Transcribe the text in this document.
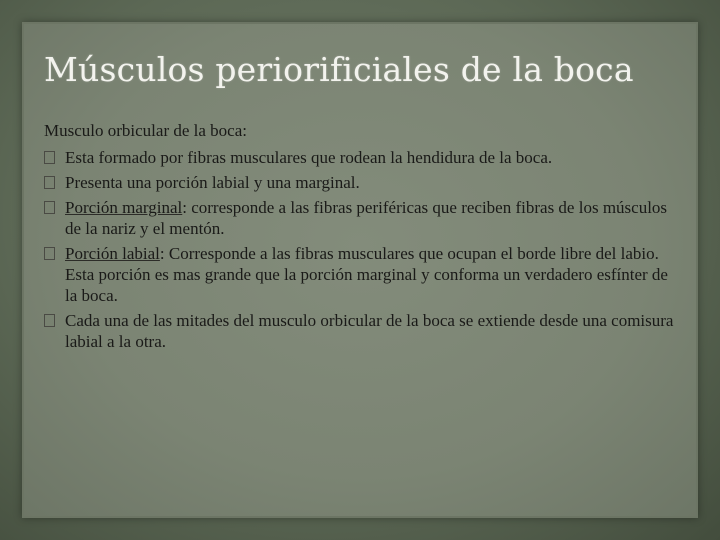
Músculos periorificiales de la boca

Musculo orbicular de la boca:

Esta formado por fibras musculares que rodean la hendidura de la boca.
Presenta una porción labial y una marginal.
Porción marginal: corresponde a las fibras periféricas que reciben fibras de los músculos de la nariz y el mentón.
Porción labial: Corresponde a las fibras musculares que ocupan el borde libre del labio. Esta porción es mas grande que la porción marginal y conforma un verdadero esfínter de la boca.
Cada una de las mitades del musculo orbicular de la boca se extiende desde una comisura labial a la otra.
